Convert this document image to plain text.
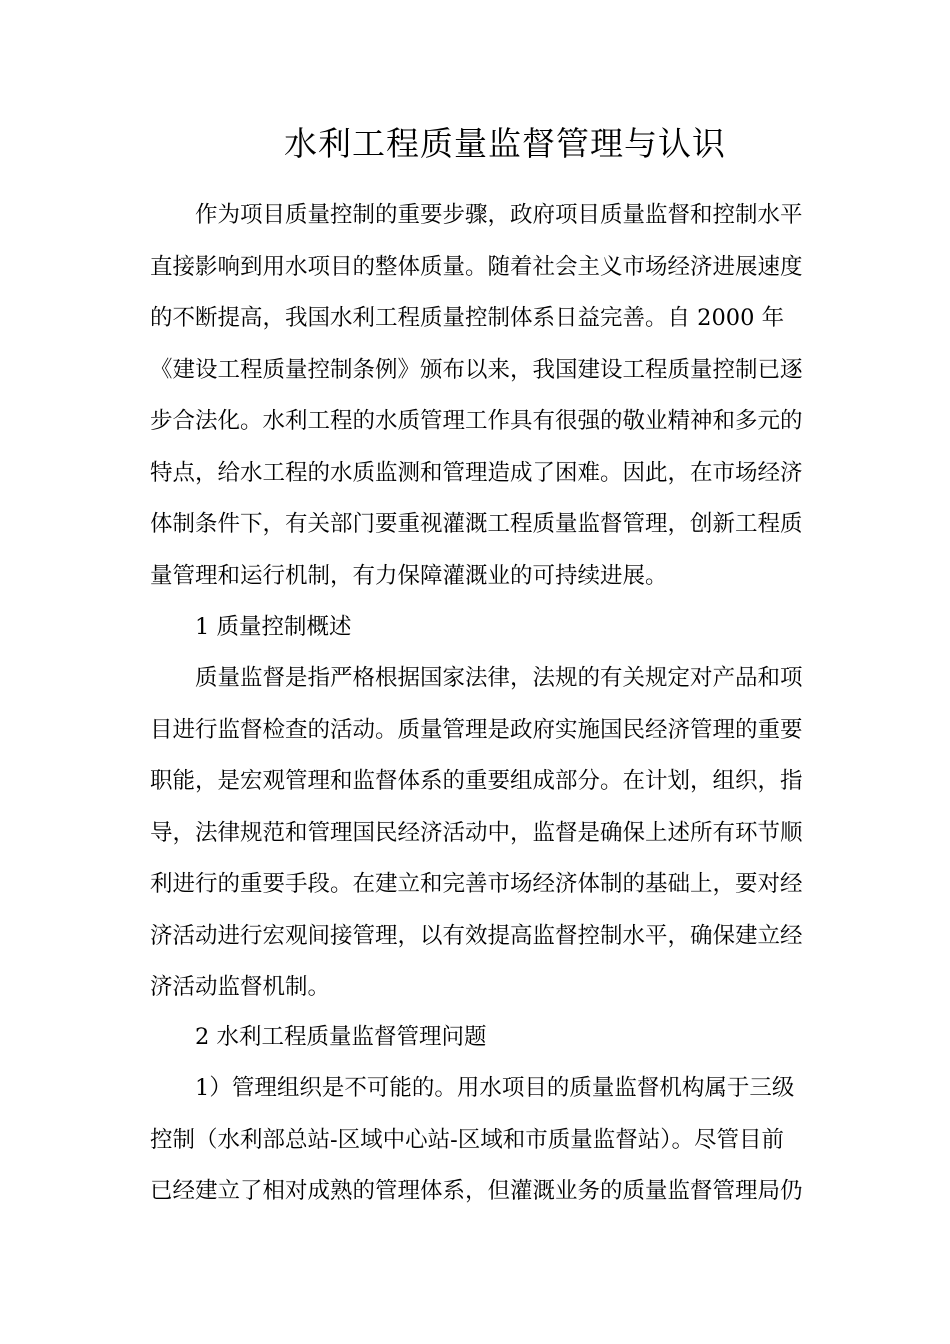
水利工程质量监督管理与认识
作为项目质量控制的重要步骤，政府项目质量监督和控制水平
直接影响到用水项目的整体质量。随着社会主义市场经济进展速度
的不断提高，我国水利工程质量控制体系日益完善。自 2000 年
《建设工程质量控制条例》颁布以来，我国建设工程质量控制已逐
步合法化。水利工程的水质管理工作具有很强的敬业精神和多元的
特点，给水工程的水质监测和管理造成了困难。因此，在市场经济
体制条件下，有关部门要重视灌溉工程质量监督管理，创新工程质
量管理和运行机制，有力保障灌溉业的可持续进展。
1 质量控制概述
质量监督是指严格根据国家法律，法规的有关规定对产品和项
目进行监督检查的活动。质量管理是政府实施国民经济管理的重要
职能，是宏观管理和监督体系的重要组成部分。在计划，组织，指
导，法律规范和管理国民经济活动中，监督是确保上述所有环节顺
利进行的重要手段。在建立和完善市场经济体制的基础上，要对经
济活动进行宏观间接管理，以有效提高监督控制水平，确保建立经
济活动监督机制。
2 水利工程质量监督管理问题
1）管理组织是不可能的。用水项目的质量监督机构属于三级
控制（水利部总站-区域中心站-区域和市质量监督站）。尽管目前
已经建立了相对成熟的管理体系，但灌溉业务的质量监督管理局仍
